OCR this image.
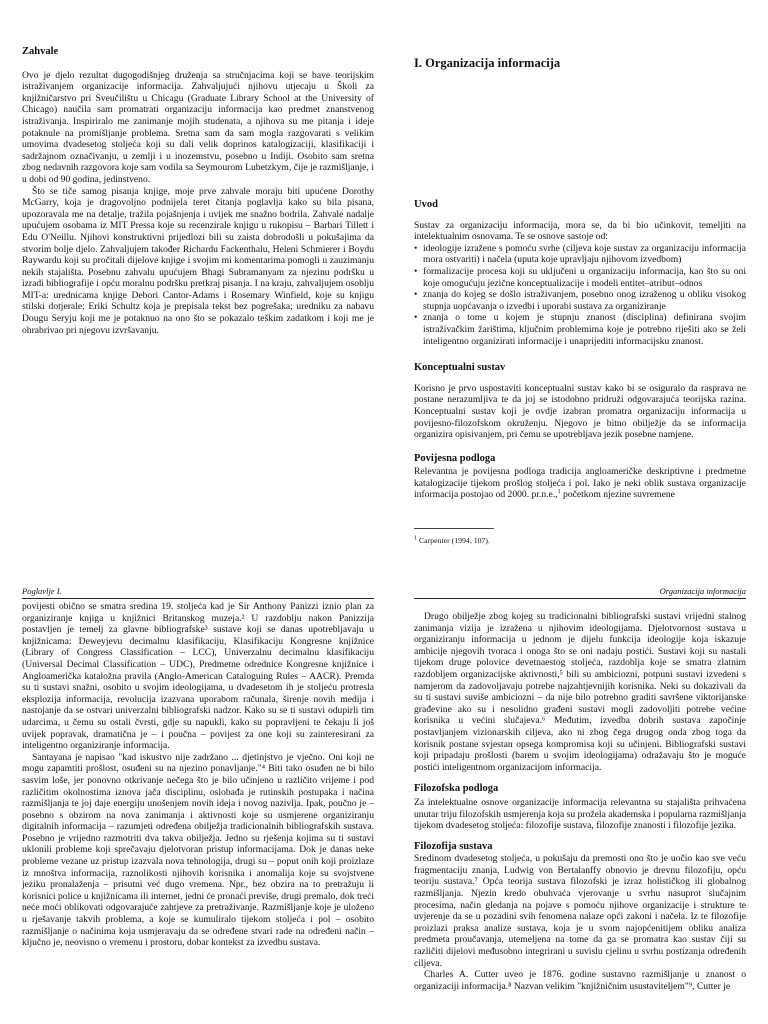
Zahvale

Ovo je djelo rezultat dugogodišnjeg druženja sa stručnjacima koji se bave teorijskim istraživanjem organizacije informacija. Zahvaljujući njihovu utjecaju u Školi za knjižničarstvo pri Sveučilištu u Chicagu (Graduate Library School at the University of Chicago) naučila sam promatrati organizaciju informacija kao predmet znanstvenog istraživanja. Inspiriralo me zanimanje mojih studenata, a njihova su me pitanja i ideje potaknule na promišljanje problema. Sretna sam da sam mogla razgovarati s velikim umovima dvadesetog stoljeća koji su dali velik doprinos katalogizaciji, klasifikaciji i sadržajnom označivanju, u zemlji i u inozemstvu, posebno u Indiji. Osobito sam sretna zbog nedavnih razgovora koje sam vodila sa Seymourom Lubetzkym, čije je razmišljanje, i u dobi od 90 godina, jedinstveno.

Što se tiče samog pisanja knjige, moje prve zahvale moraju biti upućene Dorothy McGarry, koja je dragovoljno podnijela teret čitanja poglavlja kako su bila pisana, upozoravala me na detalje, tražila pojašnjenja i uvijek me snažno bodrila. Zahvale nadalje upućujem osobama iz MIT Pressa koje su recenzirale knjigu u rukopisu – Barbari Tillett i Edu O'Neillu. Njihovi konstruktivni prijedlozi bili su zaista dobrodošli u pokušajima da stvorim bolje djelo. Zahvaljujem također Richardu Fackenthalu, Heleni Schmierer i Boydu Raywardu koji su pročitali dijelove knjige i svojim mi komentarima pomogli u zauzimanju nekih stajališta. Posebnu zahvalu upućujem Bhagi Subramanyam za njezinu podršku u izradi bibliografije i opću moralnu podršku pretkraj pisanja. I na kraju, zahvaljujem osoblju MIT-a: urednicama knjige Debori Cantor-Adams i Rosemary Winfield, koje su knjigu stilski dotjerale; Eriki Schultz koja je prepisala tekst bez pogrešaka; uredniku za nabavu Dougu Seryju koji me je potaknuo na ono što se pokazalo teškim zadatkom i koji me je ohrabrivao pri njegovu izvršavanju.

I. Organizacija informacija
Uvod

Sustav za organizaciju informacija, mora se, da bi bio učinkovit, temeljiti na intelektualnim osnovama. Te se osnove sastoje od:

• ideologije izražene s pomoću svrhe (ciljeva koje sustav za organizaciju informacija mora ostvariti) i načela (uputa koje upravljaju njihovom izvedbom)
• formalizacije procesa koji su uključeni u organizaciju informacija, kao što su oni koje omogućuju jezične konceptualizacije i modeli entitet–atribut–odnos
• znanja do kojeg se došlo istraživanjem, posebno onog izraženog u obliku visokog stupnja uopćavanja o izvedbi i uporabi sustava za organiziranje
• znanja o tome u kojem je stupnju znanost (disciplina) definirana svojim istraživačkim žarištima, ključnim problemima koje je potrebno riješiti ako se želi inteligentno organizirati informacije i unaprijediti informacijsku znanost.
Konceptualni sustav

Korisno je prvo uspostaviti konceptualni sustav kako bi se osiguralo da rasprava ne postane nerazumljiva te da joj se istodobno pridruži odgovarajuća teorijska razina. Konceptualni sustav koji je ovdje izabran promatra organizaciju informacija u povijesno-filozofskom okruženju. Njegovo je bitno obilježje da se informacija organizira opisivanjem, pri čemu se upotrebljava jezik posebne namjene.

Povijesna podloga

Relevantna je povijesna podloga tradicija angloameričke deskriptivne i predmetne katalogizacije tijekom prošlog stoljeća i pol. Iako je neki oblik sustava organizacije informacija postojao od 2000. pr.n.e.,$^1$ početkom njezine suvremene

$^1$ Carpenter (1994, 107).
Poglavlje I.

povijesti obično se smatra sredina 19. stoljeća kad je Sir Anthony Panizzi iznio plan za organiziranje knjiga u knjižnici Britanskog muzeja.² U razdoblju nakon Panizzija postavljen je temelj za glavne bibliografske³ sustave koji se danas upotrebljavaju u knjižnicama: Deweyjevu decimalnu klasifikaciju, Klasifikaciju Kongresne knjižnice (Library of Congress Classification – LCC), Univerzalnu decimalnu klasifikaciju (Universal Decimal Classification – UDC), Predmetne odrednice Kongresne knjižnice i Angloamerička kataložna pravila (Anglo-American Cataloguing Rules – AACR). Premda su ti sustavi snažni, osobito u svojim ideologijama, u dvadesetom ih je stoljeću protresla eksplozija informacija, revolucija izazvana uporabom računala, širenje novih medija i nastojanje da se ostvari univerzalni bibliografski nadzor. Kako su se ti sustavi odupirli tim udarcima, u čemu su ostali čvrsti, gdje su napukli, kako su popravljeni te čekaju li još uvijek popravak, dramatična je – i poučna – povijest za one koji su zainteresirani za inteligentno organiziranje informacija.

Santayana je napisao "kad iskustvo nije zadržano ... djetinjstvo je vječno. Oni koji ne mogu zapamtiti prošlost, osuđeni su na njezino ponavljanje."⁴ Biti tako osuđen ne bi bilo sasvim loše, jer ponovno otkrivanje nečega što je bilo učinjeno u različito vrijeme i pod različitim okolnostima iznova jača disciplinu, oslobađa je rutinskih postupaka i načina razmišljanja te joj daje energiju unošenjem novih ideja i novog nazivlja. Ipak, poučno je – posebno s obzirom na nova zanimanja i aktivnosti koje su usmjerene organiziranju digitalnih informacija – razumjeti određena obilježja tradicionalnih bibliografskih sustava. Posebno je vrijedno razmotriti dva takva obilježja. Jedno su rješenja kojima su ti sustavi uklonili probleme koji sprečavaju djelotvoran pristup informacijama. Dok je danas neke probleme vezane uz pristup izazvala nova tehnologija, drugi su – poput onih koji proizlaze iz mnoštva informacija, raznolikosti njihovih korisnika i anomalija koje su svojstvene jeziku pronalaženja – prisutni već dugo vremena. Npr., bez obzira na to pretražuju li korisnici police u knjižnicama ili internet, jedni će pronaći previše, drugi premalo, dok treći neće moći oblikovati odgovarajuće zahtjeve za pretraživanje. Razmišljanje koje je uloženo u rješavanje takvih problema, a koje se kumuliralo tijekom stoljeća i pol – osobito razmišljanje o načinima koja usmjeravaju da se određene stvari rade na određeni način – ključno je, neovisno o vremenu i prostoru, dobar kontekst za izvedbu sustava.

Organizacija informacija

Drugo obilježje zbog kojeg su tradicionalni bibliografski sustavi vrijedni stalnog zanimanja vizija je izražena u njihovim ideologijama. Djelotvornost sustava u organiziranju informacija u jednom je dijelu funkcija ideologije koja iskazuje ambicije njegovih tvoraca i onoga što se oni nadaju postići. Sustavi koji su nastali tijekom druge polovice devetnaestog stoljeća, razdoblja koje se smatra zlatnim razdobljem organizacijske aktivnosti,⁵ bili su ambiciozni, potpuni sustavi izvedeni s namjerom da zadovoljavaju potrebe najzahtjevnijih korisnika. Neki su dokazivali da su ti sustavi suviše ambiciozni – da nije bilo potrebno graditi savršene viktorijanske građevine ako su i nesolidno građeni sustavi mogli zadovoljiti potrebe većine korisnika u većini slučajeva.⁶ Međutim, izvedba dobrih sustava započinje postavljanjem vizionarskih ciljeva, ako ni zbog čega drugog onda zbog toga da korisnik postane svjestan opsega kompromisa koji su učinjeni. Bibliografski sustavi koji pripadaju prošlosti (barem u svojim ideologijama) odražavaju što je moguće postići inteligentnom organizacijom informacija.

Filozofska podloga

Za intelektualne osnove organizacije informacija relevantna su stajališta prihvaćena unutar triju filozofskih usmjerenja koja su prožela akademska i popularna razmišljanja tijekom dvadesetog stoljeća: filozofije sustava, filozofije znanosti i filozofije jezika.

Filozofija sustava

Sredinom dvadesetog stoljeća, u pokušaju da premosti ono što je uočio kao sve veću fragmentaciju znanja, Ludwig von Bertalanffy obnovio je drevnu filozofiju, opću teoriju sustava.⁷ Opća teorija sustava filozofski je izraz holističkog ili globalnog razmišljanja. Njezin kredo obuhvaća vjerovanje u svrhu nasuprot slučajnim procesima, način gledanja na pojave s pomoću njihove organizacije i strukture te uvjerenje da se u pozadini svih fenomena nalaze opći zakoni i načela. Iz te filozofije proizlazi praksa analize sustava, koja je u svom najopćenitijem obliku analiza predmeta proučavanja, utemeljena na tome da ga se promatra kao sustav čiji su različiti dijelovi međusobno integrirani u suvislu cjelinu u svrhu postizanja određenih ciljeva.

Charles A. Cutter uveo je 1876. godine sustavno razmišljanje u znanost o organizaciji informacija.⁸ Nazvan velikim "knjižničnim usustaviteljem"⁹, Cutter je
